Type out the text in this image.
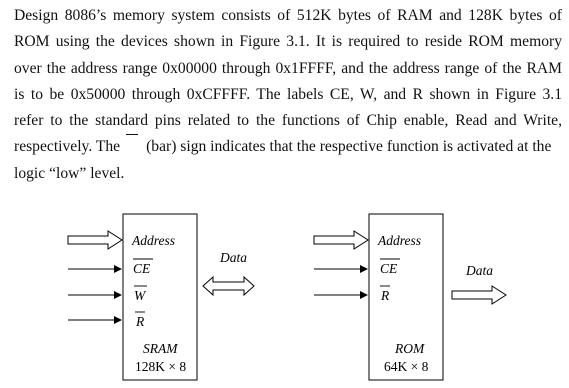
Design 8086’s memory system consists of 512K bytes of RAM and 128K bytes of
ROM using the devices shown in Figure 3.1. It is required to reside ROM memory
over the address range 0x00000 through 0x1FFFF, and the address range of the RAM
is to be 0x50000 through 0xCFFFF. The labels CE, W, and R shown in Figure 3.1
refer to the standard pins related to the functions of Chip enable, Read and Write,
respectively. The (bar) sign indicates that the respective function is activated at the
logic “low” level.
Address
CE
W
R
SRAM
128K × 8
Data
Address
CE
R
ROM
64K × 8
Data
